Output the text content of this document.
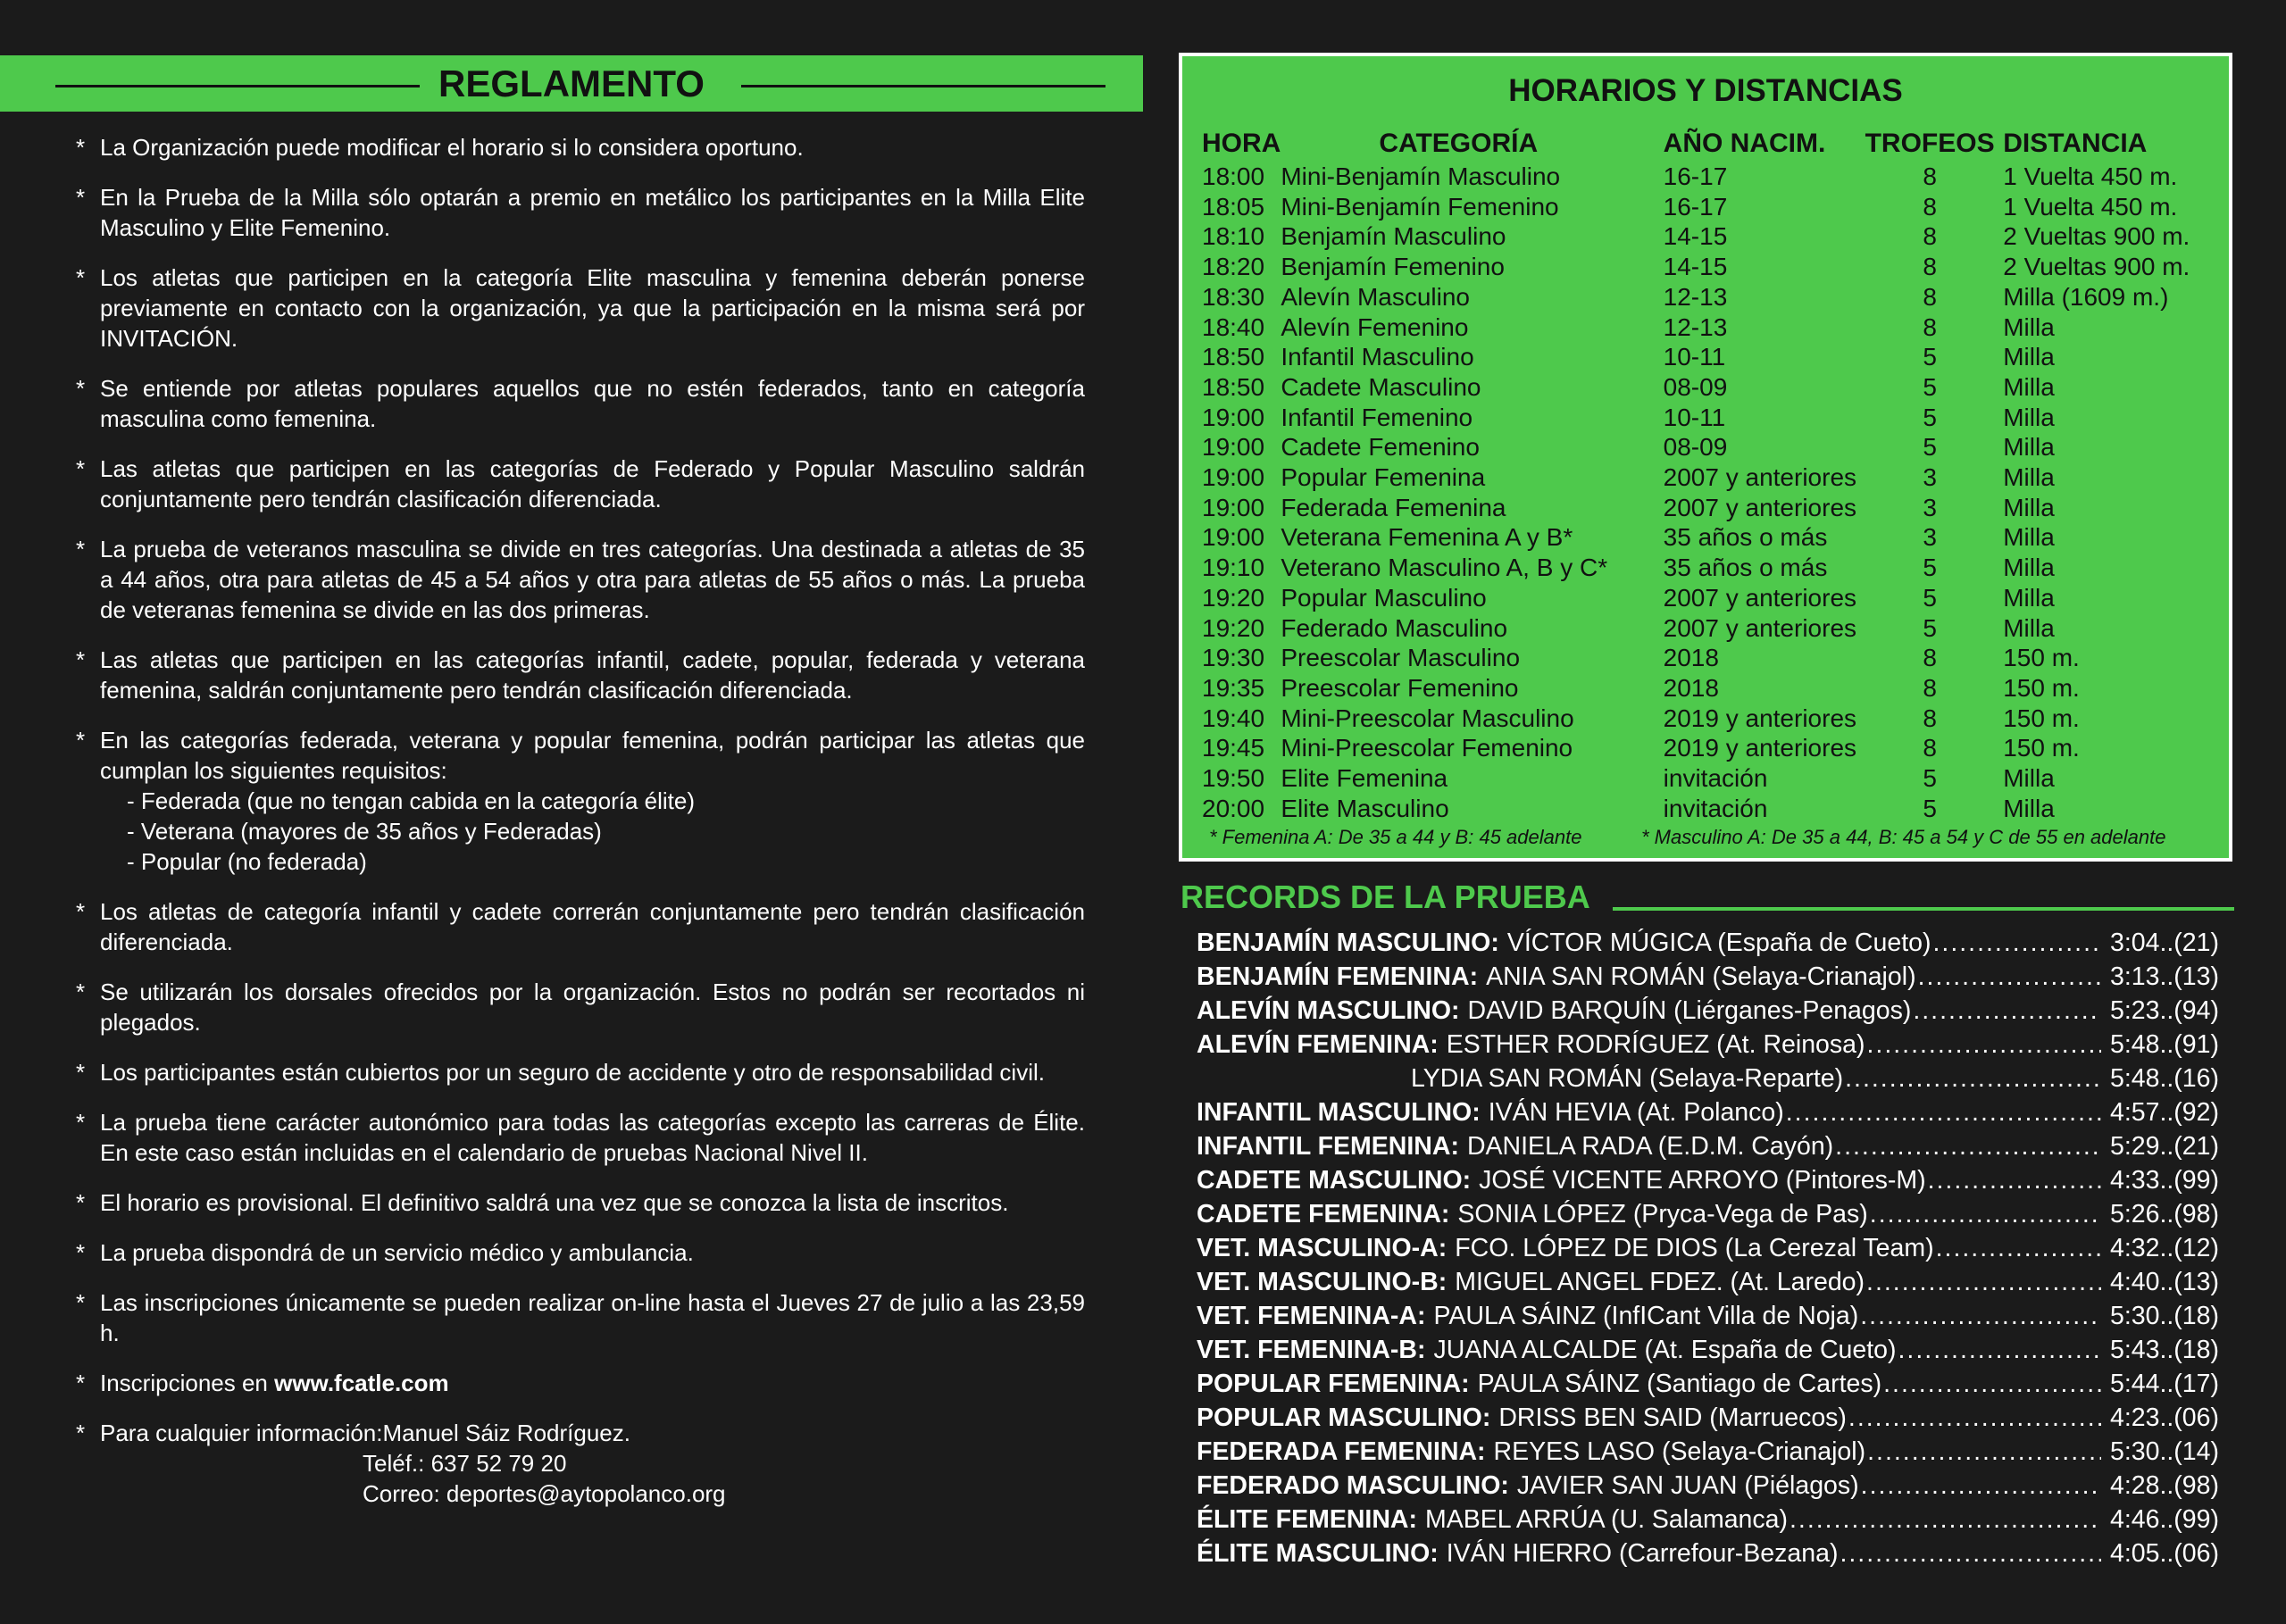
REGLAMENTO
* La Organización puede modificar el horario si lo considera oportuno.
* En la Prueba de la Milla sólo optarán a premio en metálico los participantes en la Milla Elite Masculino y Elite Femenino.
* Los atletas que participen en la categoría Elite masculina y femenina deberán ponerse previamente en contacto con la organización, ya que la participación en la misma será por INVITACIÓN.
* Se entiende por atletas populares aquellos que no estén federados, tanto en categoría masculina como femenina.
* Las atletas que participen en las categorías de Federado y Popular Masculino saldrán conjuntamente pero tendrán clasificación diferenciada.
* La prueba de veteranos masculina se divide en tres categorías. Una destinada a atletas de 35 a 44 años, otra para atletas de 45 a 54 años y otra para atletas de 55 años o más. La prueba de veteranas femenina se divide en las dos primeras.
* Las atletas que participen en las categorías infantil, cadete, popular, federada y veterana femenina, saldrán conjuntamente pero tendrán clasificación diferenciada.
* En las categorías federada, veterana y popular femenina, podrán participar las atletas que cumplan los siguientes requisitos:
- Federada (que no tengan cabida en la categoría élite)
- Veterana (mayores de 35 años y Federadas)
- Popular (no federada)
* Los atletas de categoría infantil y cadete correrán conjuntamente pero tendrán clasificación diferenciada.
* Se utilizarán los dorsales ofrecidos por la organización. Estos no podrán ser recortados ni plegados.
* Los participantes están cubiertos por un seguro de accidente y otro de responsabilidad civil.
* La prueba tiene carácter autonómico para todas las categorías excepto las carreras de Élite. En este caso están incluidas en el calendario de pruebas Nacional Nivel II.
* El horario es provisional. El definitivo saldrá una vez que se conozca la lista de inscritos.
* La prueba dispondrá de un servicio médico y ambulancia.
* Las inscripciones únicamente se pueden realizar on-line hasta el Jueves 27 de julio a las 23,59 h.
* Inscripciones en www.fcatle.com
* Para cualquier información:Manuel Sáiz Rodríguez.
Teléf.: 637 52 79 20
Correo: deportes@aytopolanco.org
HORARIOS Y DISTANCIAS
HORA	CATEGORÍA	AÑO NACIM.	TROFEOS	DISTANCIA
18:00	Mini-Benjamín Masculino	16-17	8	1 Vuelta 450 m.
18:05	Mini-Benjamín Femenino	16-17	8	1 Vuelta 450 m.
18:10	Benjamín Masculino	14-15	8	2 Vueltas 900 m.
18:20	Benjamín Femenino	14-15	8	2 Vueltas 900 m.
18:30	Alevín Masculino	12-13	8	Milla (1609 m.)
18:40	Alevín Femenino	12-13	8	Milla
18:50	Infantil Masculino	10-11	5	Milla
18:50	Cadete Masculino	08-09	5	Milla
19:00	Infantil Femenino	10-11	5	Milla
19:00	Cadete Femenino	08-09	5	Milla
19:00	Popular Femenina	2007 y anteriores	3	Milla
19:00	Federada Femenina	2007 y anteriores	3	Milla
19:00	Veterana Femenina A y B*	35 años o más	3	Milla
19:10	Veterano Masculino A, B y C*	35 años o más	5	Milla
19:20	Popular Masculino	2007 y anteriores	5	Milla
19:20	Federado Masculino	2007 y anteriores	5	Milla
19:30	Preescolar Masculino	2018	8	150 m.
19:35	Preescolar Femenino	2018	8	150 m.
19:40	Mini-Preescolar Masculino	2019 y anteriores	8	150 m.
19:45	Mini-Preescolar Femenino	2019 y anteriores	8	150 m.
19:50	Elite Femenina	invitación	5	Milla
20:00	Elite Masculino	invitación	5	Milla
* Femenina A: De 35 a 44 y B: 45 adelante	* Masculino A: De 35 a 44, B: 45 a 54 y C de 55 en adelante
RECORDS DE LA PRUEBA
BENJAMÍN MASCULINO: VÍCTOR MÚGICA (España de Cueto) .....	3:04..(21)
BENJAMÍN FEMENINA: ANIA SAN ROMÁN (Selaya-Crianajol) .....	3:13..(13)
ALEVÍN MASCULINO: DAVID BARQUÍN (Liérganes-Penagos) .....	5:23..(94)
ALEVÍN FEMENINA: ESTHER RODRÍGUEZ (At. Reinosa) .....	5:48..(91)
LYDIA SAN ROMÁN (Selaya-Reparte) .....	5:48..(16)
INFANTIL MASCULINO: IVÁN HEVIA (At. Polanco) .....	4:57..(92)
INFANTIL FEMENINA: DANIELA RADA (E.D.M. Cayón) .....	5:29..(21)
CADETE MASCULINO: JOSÉ VICENTE ARROYO (Pintores-M) .....	4:33..(99)
CADETE FEMENINA: SONIA LÓPEZ (Pryca-Vega de Pas) .....	5:26..(98)
VET. MASCULINO-A: FCO. LÓPEZ DE DIOS (La Cerezal Team) .....	4:32..(12)
VET. MASCULINO-B: MIGUEL ANGEL FDEZ. (At. Laredo) .....	4:40..(13)
VET. FEMENINA-A: PAULA SÁINZ (InfICant Villa de Noja) .....	5:30..(18)
VET. FEMENINA-B: JUANA ALCALDE (At. España de Cueto) .....	5:43..(18)
POPULAR FEMENINA: PAULA SÁINZ (Santiago de Cartes) .....	5:44..(17)
POPULAR MASCULINO: DRISS BEN SAID (Marruecos) .....	4:23..(06)
FEDERADA FEMENINA: REYES LASO (Selaya-Crianajol) .....	5:30..(14)
FEDERADO MASCULINO: JAVIER SAN JUAN (Piélagos) .....	4:28..(98)
ÉLITE FEMENINA: MABEL ARRÚA (U. Salamanca) .....	4:46..(99)
ÉLITE MASCULINO: IVÁN HIERRO (Carrefour-Bezana) .....	4:05..(06)
